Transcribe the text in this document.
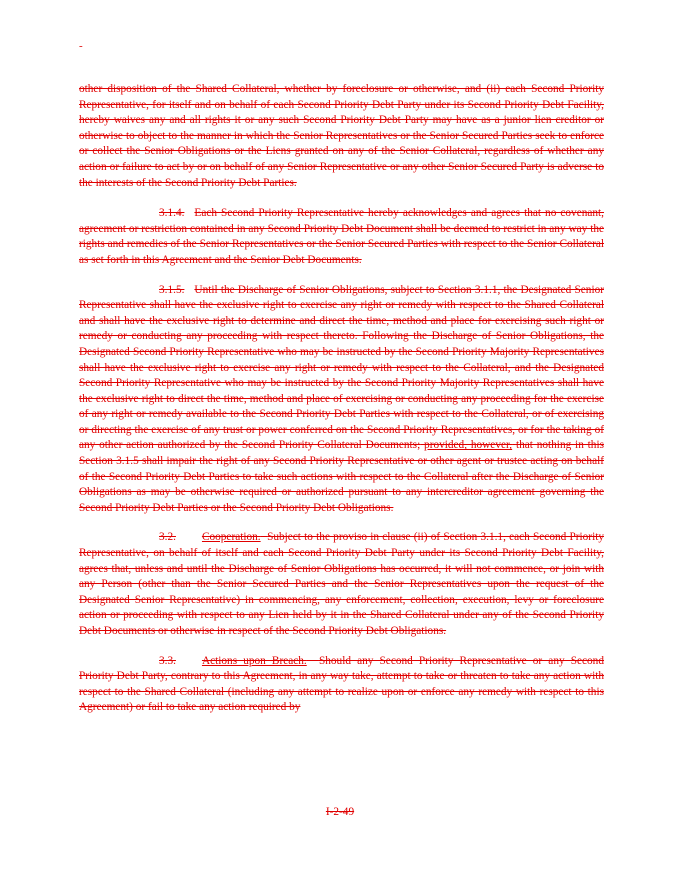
-

other disposition of the Shared Collateral, whether by foreclosure or otherwise, and (ii) each Second Priority Representative, for itself and on behalf of each Second Priority Debt Party under its Second Priority Debt Facility, hereby waives any and all rights it or any such Second Priority Debt Party may have as a junior lien creditor or otherwise to object to the manner in which the Senior Representatives or the Senior Secured Parties seek to enforce or collect the Senior Obligations or the Liens granted on any of the Senior Collateral, regardless of whether any action or failure to act by or on behalf of any Senior Representative or any other Senior Secured Party is adverse to the interests of the Second Priority Debt Parties.

3.1.4. Each Second Priority Representative hereby acknowledges and agrees that no covenant, agreement or restriction contained in any Second Priority Debt Document shall be deemed to restrict in any way the rights and remedies of the Senior Representatives or the Senior Secured Parties with respect to the Senior Collateral as set forth in this Agreement and the Senior Debt Documents.

3.1.5. Until the Discharge of Senior Obligations, subject to Section 3.1.1, the Designated Senior Representative shall have the exclusive right to exercise any right or remedy with respect to the Shared Collateral and shall have the exclusive right to determine and direct the time, method and place for exercising such right or remedy or conducting any proceeding with respect thereto. Following the Discharge of Senior Obligations, the Designated Second Priority Representative who may be instructed by the Second Priority Majority Representatives shall have the exclusive right to exercise any right or remedy with respect to the Collateral, and the Designated Second Priority Representative who may be instructed by the Second Priority Majority Representatives shall have the exclusive right to direct the time, method and place of exercising or conducting any proceeding for the exercise of any right or remedy available to the Second Priority Debt Parties with respect to the Collateral, or of exercising or directing the exercise of any trust or power conferred on the Second Priority Representatives, or for the taking of any other action authorized by the Second Priority Collateral Documents; provided, however, that nothing in this Section 3.1.5 shall impair the right of any Second Priority Representative or other agent or trustee acting on behalf of the Second Priority Debt Parties to take such actions with respect to the Collateral after the Discharge of Senior Obligations as may be otherwise required or authorized pursuant to any intercreditor agreement governing the Second Priority Debt Parties or the Second Priority Debt Obligations.

3.2. Cooperation. Subject to the proviso in clause (ii) of Section 3.1.1, each Second Priority Representative, on behalf of itself and each Second Priority Debt Party under its Second Priority Debt Facility, agrees that, unless and until the Discharge of Senior Obligations has occurred, it will not commence, or join with any Person (other than the Senior Secured Parties and the Senior Representatives upon the request of the Designated Senior Representative) in commencing, any enforcement, collection, execution, levy or foreclosure action or proceeding with respect to any Lien held by it in the Shared Collateral under any of the Second Priority Debt Documents or otherwise in respect of the Second Priority Debt Obligations.

3.3. Actions upon Breach. Should any Second Priority Representative or any Second Priority Debt Party, contrary to this Agreement, in any way take, attempt to take or threaten to take any action with respect to the Shared Collateral (including any attempt to realize upon or enforce any remedy with respect to this Agreement) or fail to take any action required by

I-2-49
